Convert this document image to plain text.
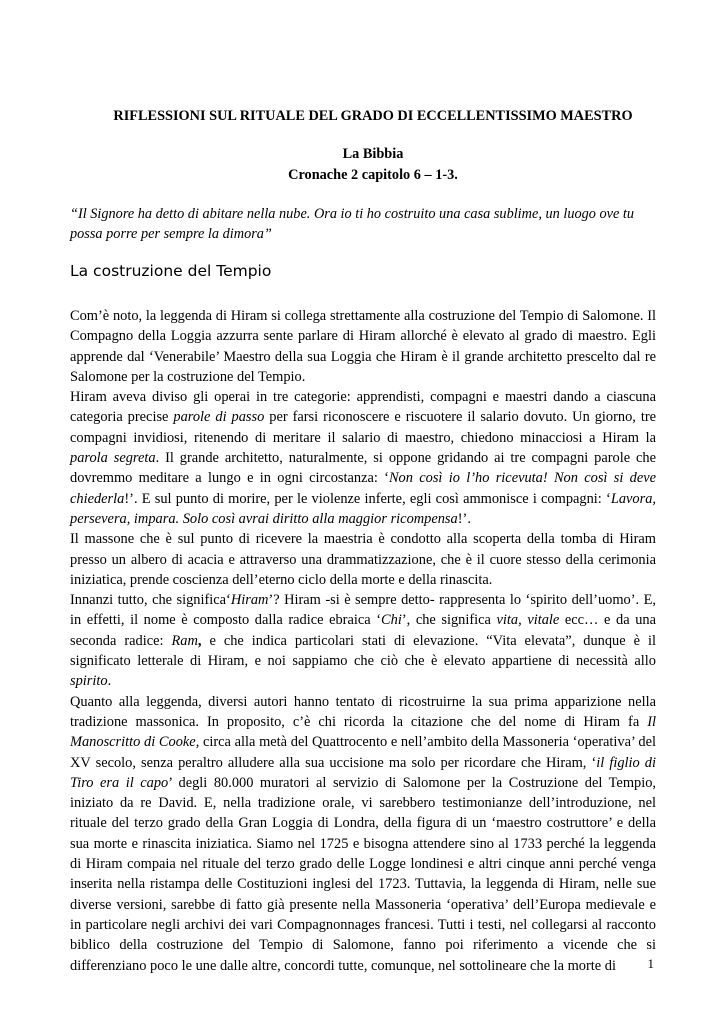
RIFLESSIONI SUL RITUALE DEL GRADO DI ECCELLENTISSIMO MAESTRO
La Bibbia
Cronache 2 capitolo 6 – 1-3.
“Il Signore ha detto di abitare nella nube. Ora io ti ho costruito una casa sublime, un luogo ove tu possa porre per sempre la dimora”
La costruzione del Tempio

Com’è noto, la leggenda di Hiram si collega strettamente alla costruzione del Tempio di Salomone. Il Compagno della Loggia azzurra sente parlare di Hiram allorché è elevato al grado di maestro. Egli apprende dal ‘Venerabile’ Maestro della sua Loggia che Hiram è il grande architetto prescelto dal re Salomone per la costruzione del Tempio.

Hiram aveva diviso gli operai in tre categorie: apprendisti, compagni e maestri dando a ciascuna categoria precise parole di passo per farsi riconoscere e riscuotere il salario dovuto. Un giorno, tre compagni invidiosi, ritenendo di meritare il salario di maestro, chiedono minacciosi a Hiram la parola segreta. Il grande architetto, naturalmente, si oppone gridando ai tre compagni parole che dovremmo meditare a lungo e in ogni circostanza: ‘Non così io l’ho ricevuta! Non così si deve chiederla!’. E sul punto di morire, per le violenze inferte, egli così ammonisce i compagni: ‘Lavora, persevera, impara. Solo così avrai diritto alla maggior ricompensa!’.

Il massone che è sul punto di ricevere la maestria è condotto alla scoperta della tomba di Hiram presso un albero di acacia e attraverso una drammatizzazione, che è il cuore stesso della cerimonia iniziatica, prende coscienza dell’eterno ciclo della morte e della rinascita.

Innanzi tutto, che significa‘Hiram’? Hiram -si è sempre detto- rappresenta lo ‘spirito dell’uomo’. E, in effetti, il nome è composto dalla radice ebraica ‘Chi’, che significa vita, vitale ecc… e da una seconda radice: Ram, e che indica particolari stati di elevazione. “Vita elevata”, dunque è il significato letterale di Hiram, e noi sappiamo che ciò che è elevato appartiene di necessità allo spirito.

Quanto alla leggenda, diversi autori hanno tentato di ricostruirne la sua prima apparizione nella tradizione massonica. In proposito, c’è chi ricorda la citazione che del nome di Hiram fa Il Manoscritto di Cooke, circa alla metà del Quattrocento e nell’ambito della Massoneria ‘operativa’ del XV secolo, senza peraltro alludere alla sua uccisione ma solo per ricordare che Hiram, ‘il figlio di Tiro era il capo’ degli 80.000 muratori al servizio di Salomone per la Costruzione del Tempio, iniziato da re David. E, nella tradizione orale, vi sarebbero testimonianze dell’introduzione, nel rituale del terzo grado della Gran Loggia di Londra, della figura di un ‘maestro costruttore’ e della sua morte e rinascita iniziatica. Siamo nel 1725 e bisogna attendere sino al 1733 perché la leggenda di Hiram compaia nel rituale del terzo grado delle Logge londinesi e altri cinque anni perché venga inserita nella ristampa delle Costituzioni inglesi del 1723. Tuttavia, la leggenda di Hiram, nelle sue diverse versioni, sarebbe di fatto già presente nella Massoneria ‘operativa’ dell’Europa medievale e in particolare negli archivi dei vari Compagnonnages francesi. Tutti i testi, nel collegarsi al racconto biblico della costruzione del Tempio di Salomone, fanno poi riferimento a vicende che si differenziano poco le une dalle altre, concordi tutte, comunque, nel sottolineare che la morte di	1
